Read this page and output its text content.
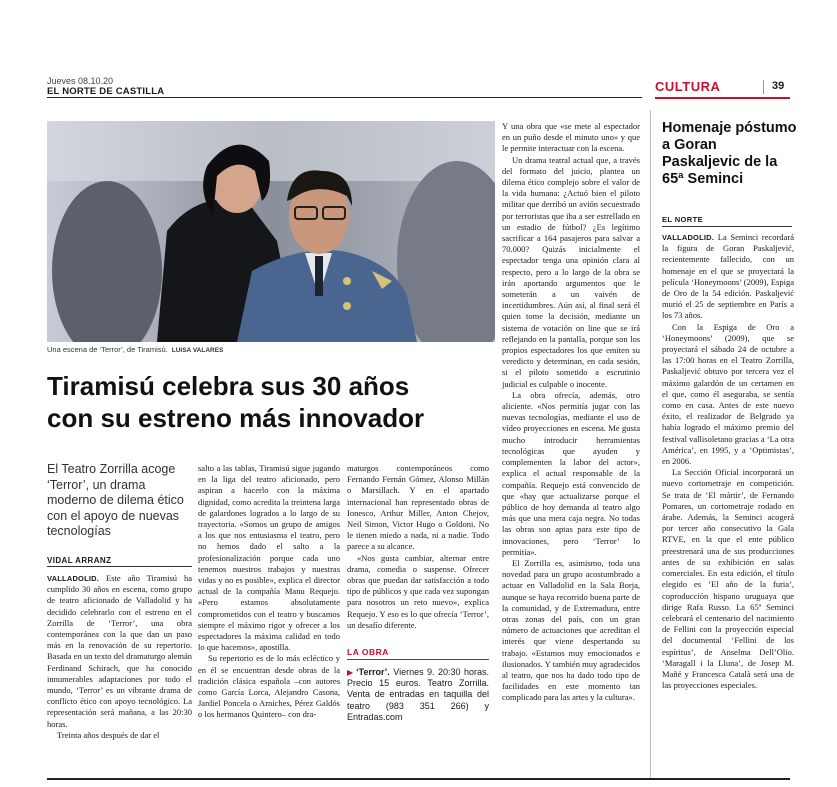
Jueves 08.10.20
EL NORTE DE CASTILLA	CULTURA	39
Una escena de ‘Terror’, de Tiramisú. LUISA VALARES
Tiramisú celebra sus 30 años
con su estreno más innovador
El Teatro Zorrilla acoge ‘Terror’, un drama moderno de dilema ético con el apoyo de nuevas tecnologías
VIDAL ARRANZ

VALLADOLID. Este año Tiramisú ha cumplido 30 años en escena, como grupo de teatro aficionado de Valladolid y ha decidido celebrarlo con el estreno en el Zorrilla de ‘Terror’, una obra contemporánea con la que dan un paso más en la renovación de su repertorio. Basada en un texto del dramaturgo alemán Ferdinand Schirach, que ha conocido innumerables adaptaciones por todo el mundo, ‘Terror’ es un vibrante drama de conflicto ético con apoyo tecnológico. La representación será mañana, a las 20:30 horas.

Treinta años después de dar el

salto a las tablas, Tiramisú sigue jugando en la liga del teatro aficionado, pero aspiran a hacerlo con la máxima dignidad, como acredita la treintena larga de galardones logrados a lo largo de su trayectoria. «Somos un grupo de amigos a los que nos entusiasma el teatro, pero no hemos dado el salto a la profesionalización porque cada uno tenemos nuestros trabajos y nuestras vidas y no es posible», explica el director actual de la compañía Manu Requejo. «Pero estamos absolutamente comprometidos con el teatro y buscamos siempre el máximo rigor y ofrecer a los espectadores la máxima calidad en todo lo que hacemos», apostilla.

Su repertorio es de lo más ecléctico y en él se encuentran desde obras de la tradición clásica española –con autores como García Lorca, Alejandro Casona, Jardiel Poncela o Arniches, Pérez Galdós o los hermanos Quintero– con dra-

maturgos contemporáneos como Fernando Fernán Gómez, Alonso Millán o Marsillach. Y en el apartado internacional han representado obras de Ionesco, Arthur Miller, Anton Chejov, Neil Simon, Victor Hugo o Goldoni. No le tienen miedo a nada, ni a nadie. Todo parece a su alcance.

«Nos gusta cambiar, alternar entre drama, comedia o suspense. Ofrecer obras que puedan dar satisfacción a todo tipo de públicos y que cada vez supongan para nosotros un reto nuevo», explica Requejo. Y eso es lo que ofrecía ‘Terror’, un desafío diferente.

LA OBRA
▶ ‘Terror’. Viernes 9. 20:30 horas. Precio 15 euros. Teatro Zorrilla. Venta de entradas en taquilla del teatro (983 351 266) y Entradas.com

Y una obra que «se mete al espectador en un puño desde el minuto uno» y que le permite interactuar con la escena.

Un drama teatral actual que, a través del formato del juicio, plantea un dilema ético complejo sobre el valor de la vida humana: ¿Actuó bien el piloto militar que derribó un avión secuestrado por terroristas que iba a ser estrellado en un estadio de fútbol? ¿Es legítimo sacrificar a 164 pasajeros para salvar a 70.000? Quizás inicialmente el espectador tenga una opinión clara al respecto, pero a lo largo de la obra se irán aportando argumentos que le someterán a un vaivén de incertidumbres. Aún así, al final será él quien tome la decisión, mediante un sistema de votación on line que se irá reflejando en la pantalla, porque son los propios espectadores los que emiten su veredicto y determinan, en cada sesión, si el piloto sometido a escrutinio judicial es culpable o inocente.

La obra ofrecía, además, otro aliciente. «Nos permitía jugar con las nuevas tecnologías, mediante el uso de vídeo proyecciones en escena. Me gusta mucho introducir herramientas tecnológicas que ayuden y complementen la labor del actor», explica el actual responsable de la compañía. Requejo está convencido de que «hay que actualizarse porque el público de hoy demanda al teatro algo más que una mera caja negra. No todas las obras son aptas para este tipo de innovaciones, pero ‘Terror’ lo permitía».

El Zorrilla es, asimismo, toda una novedad para un grupo acostumbrado a actuar en Valladolid en la Sala Borja, aunque se haya recorrido buena parte de la comunidad, y de Extremadura, entre otras zonas del país, con un gran número de actuaciones que acreditan el interés que viene despertando su trabajo. «Estamos muy emocionados e ilusionados. Y también muy agradecidos al teatro, que nos ha dado todo tipo de facilidades en este momento tan complicado para las artes y la cultura».

Homenaje póstumo a Goran Paskaljevic de la 65ª Seminci
EL NORTE

VALLADOLID. La Seminci recordará la figura de Goran Paskaljević, recientemente fallecido, con un homenaje en el que se proyectará la película ‘Honeymoons’ (2009), Espiga de Oro de la 54 edición. Paskaljević murió el 25 de septiembre en París a los 73 años.

Con la Espiga de Oro a ‘Honeymoons’ (2009), que se proyectará el sábado 24 de octubre a las 17:00 horas en el Teatro Zorrilla, Paskaljević obtuvo por tercera vez el máximo galardón de un certamen en el que, como él aseguraba, se sentía como en casa. Antes de este nuevo éxito, el realizador de Belgrado ya había logrado el máximo premio del festival vallisoletano gracias a ‘La otra América’, en 1995, y a ‘Optimistas’, en 2006.

La Sección Oficial incorporará un nuevo cortometraje en competición. Se trata de ‘El mártir’, de Fernando Pomares, un cortometraje rodado en árabe. Además, la Seminci acogerá por tercer año consecutivo la Gala RTVE, en la que el ente público preestrenará una de sus producciones antes de su exhibición en salas comerciales. En esta edición, el título elegido es ‘El año de la furia’, coproducción hispano uruguaya que dirige Rafa Russo. La 65ª Seminci celebrará el centenario del nacimiento de Fellini con la proyección especial del documental ‘Fellini de los espíritus’, de Anselma Dell’Olio. ‘Maragall i la Lluna’, de Josep M. Mañé y Francesca Català será una de las proyecciones especiales.
